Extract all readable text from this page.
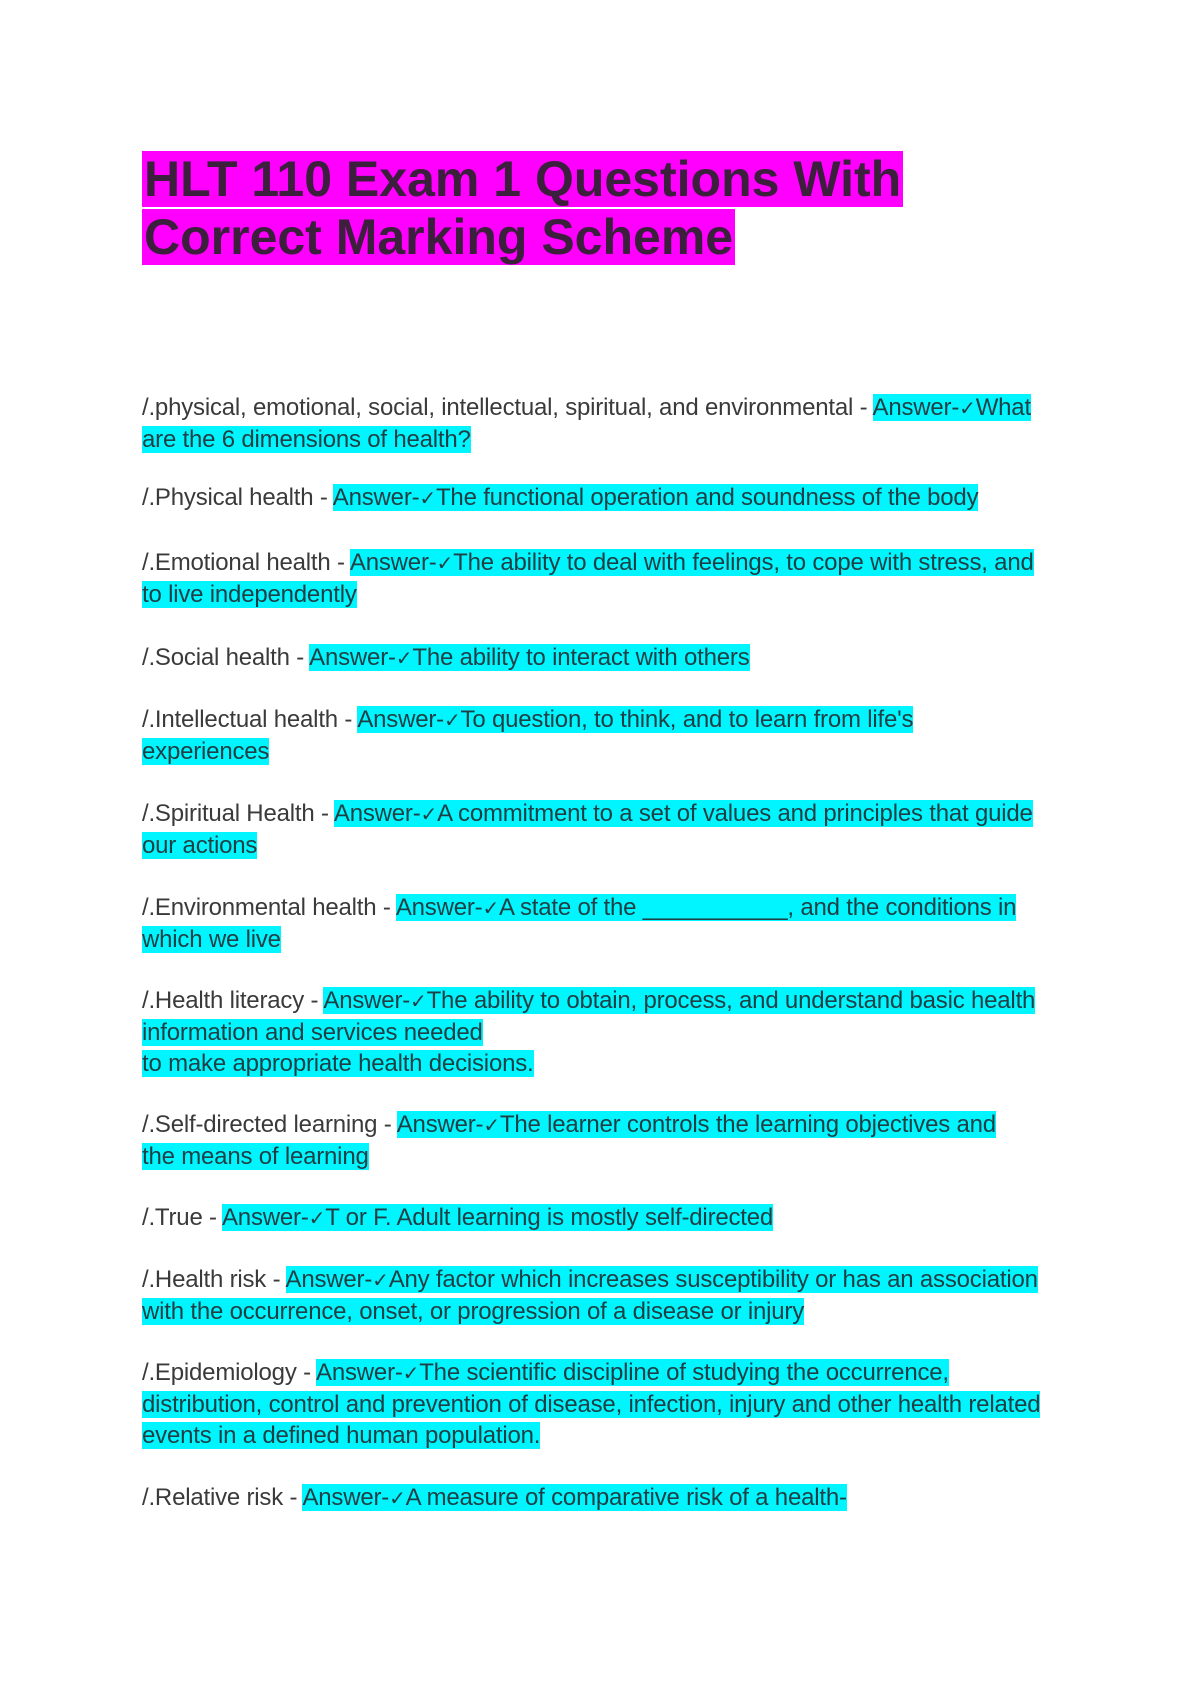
HLT 110 Exam 1 Questions With Correct Marking Scheme
/.physical, emotional, social, intellectual, spiritual, and environmental - Answer-✓What are the 6 dimensions of health?
/.Physical health - Answer-✓The functional operation and soundness of the body
/.Emotional health - Answer-✓The ability to deal with feelings, to cope with stress, and to live independently
/.Social health - Answer-✓The ability to interact with others
/.Intellectual health - Answer-✓To question, to think, and to learn from life's experiences
/.Spiritual Health - Answer-✓A commitment to a set of values and principles that guide our actions
/.Environmental health - Answer-✓A state of the ___________, and the conditions in which we live
/.Health literacy - Answer-✓The ability to obtain, process, and understand basic health information and services needed
to make appropriate health decisions.
/.Self-directed learning - Answer-✓The learner controls the learning objectives and the means of learning
/.True - Answer-✓T or F. Adult learning is mostly self-directed
/.Health risk - Answer-✓Any factor which increases susceptibility or has an association with the occurrence, onset, or progression of a disease or injury
/.Epidemiology - Answer-✓The scientific discipline of studying the occurrence, distribution, control and prevention of disease, infection, injury and other health related events in a defined human population.
/.Relative risk - Answer-✓A measure of comparative risk of a health-
